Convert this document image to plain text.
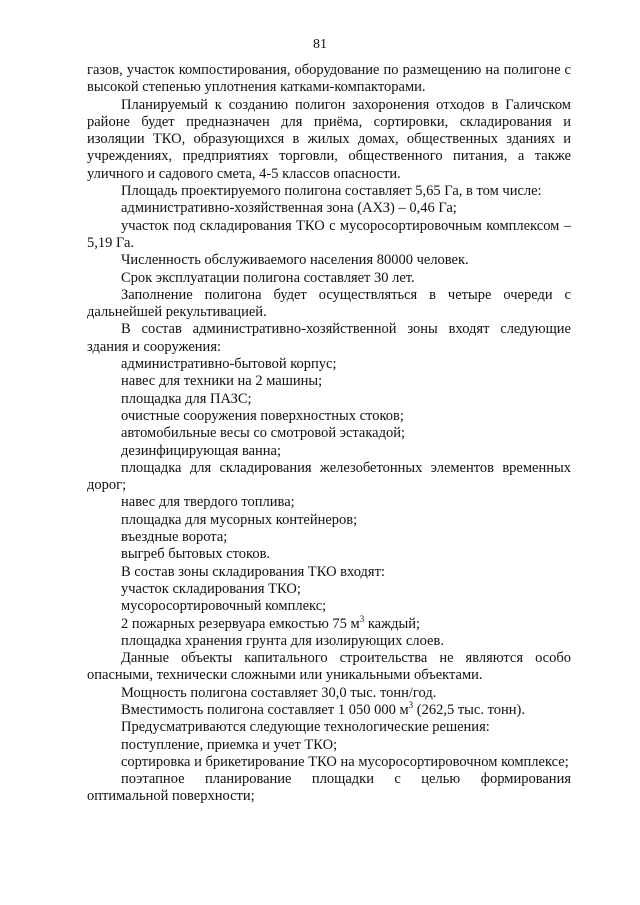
81

газов, участок компостирования, оборудование по размещению на полигоне с высокой степенью уплотнения катками-компакторами.

Планируемый к созданию полигон захоронения отходов в Галичском районе будет предназначен для приёма, сортировки, складирования и изоляции ТКО, образующихся в жилых домах, общественных зданиях и учреждениях, предприятиях торговли, общественного питания, а также уличного и садового смета, 4-5 классов опасности.

Площадь проектируемого полигона составляет 5,65 Га, в том числе:

административно-хозяйственная зона (АХЗ) – 0,46 Га;

участок под складирования ТКО с мусоросортировочным комплексом – 5,19 Га.

Численность обслуживаемого населения 80000 человек.

Срок эксплуатации полигона составляет 30 лет.

Заполнение полигона будет осуществляться в четыре очереди с дальнейшей рекультивацией.

В состав административно-хозяйственной зоны входят следующие здания и сооружения:

административно-бытовой корпус;

навес для техники на 2 машины;

площадка для ПАЗС;

очистные сооружения поверхностных стоков;

автомобильные весы со смотровой эстакадой;

дезинфицирующая ванна;

площадка для складирования железобетонных элементов временных дорог;

навес для твердого топлива;

площадка для мусорных контейнеров;

въездные ворота;

выгреб бытовых стоков.

В состав зоны складирования ТКО входят:

участок складирования ТКО;

мусоросортировочный комплекс;

2 пожарных резервуара емкостью 75 $м^3$ каждый;

площадка хранения грунта для изолирующих слоев.

Данные объекты капитального строительства не являются особо опасными, технически сложными или уникальными объектами.

Мощность полигона составляет 30,0 тыс. тонн/год.

Вместимость полигона составляет 1 050 000 $м^3$ (262,5 тыс. тонн).

Предусматриваются следующие технологические решения:

поступление, приемка и учет ТКО;

сортировка и брикетирование ТКО на мусоросортировочном комплексе;

поэтапное планирование площадки с целью формирования оптимальной поверхности;
